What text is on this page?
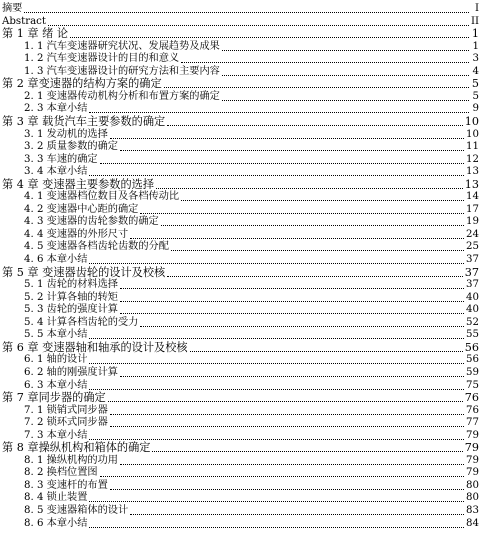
摘要	I
Abstract	II
第 1 章 绪 论	1
1. 1 汽车变速器研究状况、发展趋势及成果	1
1. 2 汽车变速器设计的目的和意义	3
1. 3 汽车变速器设计的研究方法和主要内容	4
第 2 章变速器的结构方案的确定	5
2. 1 变速器传动机构分析和布置方案的确定	5
2. 3 本章小结	9
第 3 章 载货汽车主要参数的确定	10
3. 1 发动机的选择	10
3. 2 质量参数的确定	11
3. 3 车速的确定	12
3. 4 本章小结	13
第 4 章 变速器主要参数的选择	13
4. 1 变速器档位数目及各档传动比	14
4. 2 变速器中心距的确定	17
4. 3 变速器的齿轮参数的确定	19
4. 4 变速器的外形尺寸	24
4. 5 变速器各档齿轮齿数的分配	25
4. 6 本章小结	37
第 5 章 变速器齿轮的设计及校核	37
5. 1 齿轮的材料选择	37
5. 2 计算各轴的转矩	40
5. 3 齿轮的强度计算	40
5. 4 计算各档齿轮的受力	52
5. 5 本章小结	55
第 6 章 变速器轴和轴承的设计及校核	56
6. 1 轴的设计	56
6. 2 轴的刚强度计算	59
6. 3 本章小结	75
第 7 章同步器的确定	76
7. 1 锁销式同步器	76
7. 2 锁环式同步器	77
7. 3 本章小结	79
第 8 章操纵机构和箱体的确定	79
8. 1 操纵机构的功用	79
8. 2 换档位置图	79
8. 3 变速杆的布置	80
8. 4 锁止装置	80
8. 5 变速器箱体的设计	83
8. 6 本章小结	84
